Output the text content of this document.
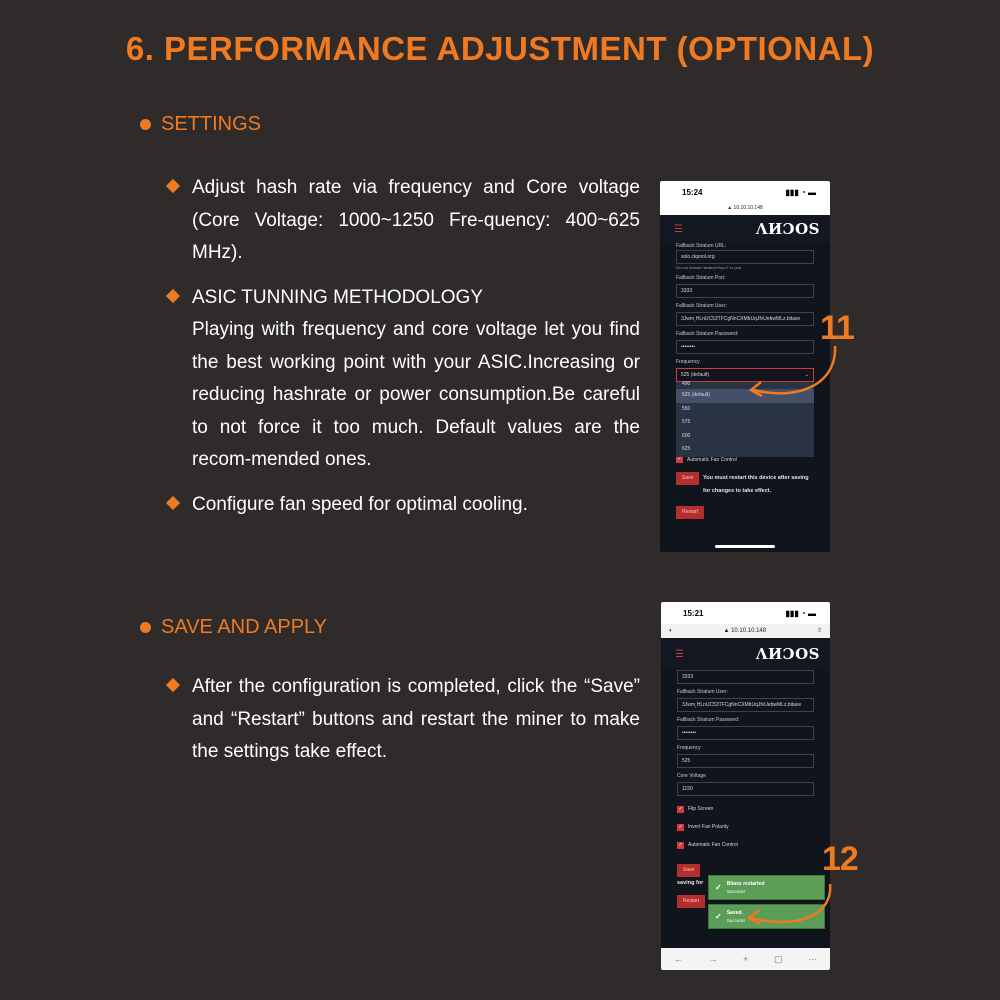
6. PERFORMANCE ADJUSTMENT (OPTIONAL)
SETTINGS
Adjust hash rate via frequency and Core voltage (Core Voltage: 1000~1250 Fre-quency: 400~625 MHz).
ASIC TUNNING METHODOLOGY
Playing with frequency and core voltage let you find the best working point with your ASIC.Increasing or reducing hashrate or power consumption.Be careful to not force it too much. Default values are the recom-mended ones.
Configure fan speed for optimal cooling.
15:24	▮▮▮ ◔ ▬
▲ 10.10.10.148
☰	ɅИƆOS
Fallback Stratum URL:
solo.ckpool.org
Do not include 'stratum+tcp://' or port.
Fallback Stratum Port:
3333
Fallback Stratum User:
3Jwm˛HLnUC53TFCgNnCXMbUqJfvUebwMLz.bitaxe
Fallback Stratum Password:
••••••••
Frequency
525 (default)	⌄
490
525 (default)
550
575
600
625
✓ Automatic Fan Control
Save	You must restart this device after saving for changes to take effect.
Restart
11
SAVE AND APPLY
After the configuration is completed, click the “Save” and “Restart” buttons and restart the miner to make the settings take effect.
15:21	▮▮▮ ◔ ▬
◐	▲ 10.10.10.148	⇧
☰	ɅИƆOS
3333
Fallback Stratum User:
3Jwm˛HLnUC53TFCgNnCXMbUqJfvUebwMLz.bitaxe
Fallback Stratum Password:
••••••••
Frequency
525
Core Voltage
1150
✓ Flip Screen
✓ Invert Fan Polarity
✓ Automatic Fan Control
Save
saving for
Restart
✓ Bitaxe restarted
Success!
✓ Saved.
Success!
←	→	+	▢	⋯
12
